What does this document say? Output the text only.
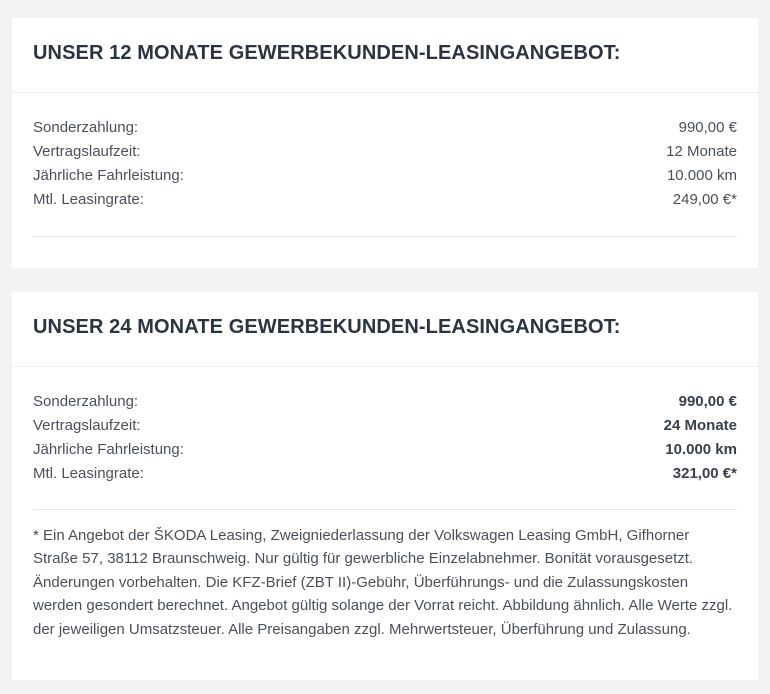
UNSER 12 MONATE GEWERBEKUNDEN-LEASINGANGEBOT:
Sonderzahlung:	990,00 €
Vertragslaufzeit:	12 Monate
Jährliche Fahrleistung:	10.000 km
Mtl. Leasingrate:	249,00 €*
UNSER 24 MONATE GEWERBEKUNDEN-LEASINGANGEBOT:
Sonderzahlung:	990,00 €
Vertragslaufzeit:	24 Monate
Jährliche Fahrleistung:	10.000 km
Mtl. Leasingrate:	321,00 €*

* Ein Angebot der ŠKODA Leasing, Zweigniederlassung der Volkswagen Leasing GmbH, Gifhorner Straße 57, 38112 Braunschweig. Nur gültig für gewerbliche Einzelabnehmer. Bonität vorausgesetzt. Änderungen vorbehalten. Die KFZ-Brief (ZBT II)-Gebühr, Überführungs- und die Zulassungskosten werden gesondert berechnet. Angebot gültig solange der Vorrat reicht. Abbildung ähnlich. Alle Werte zzgl. der jeweiligen Umsatzsteuer. Alle Preisangaben zzgl. Mehrwertsteuer, Überführung und Zulassung.
